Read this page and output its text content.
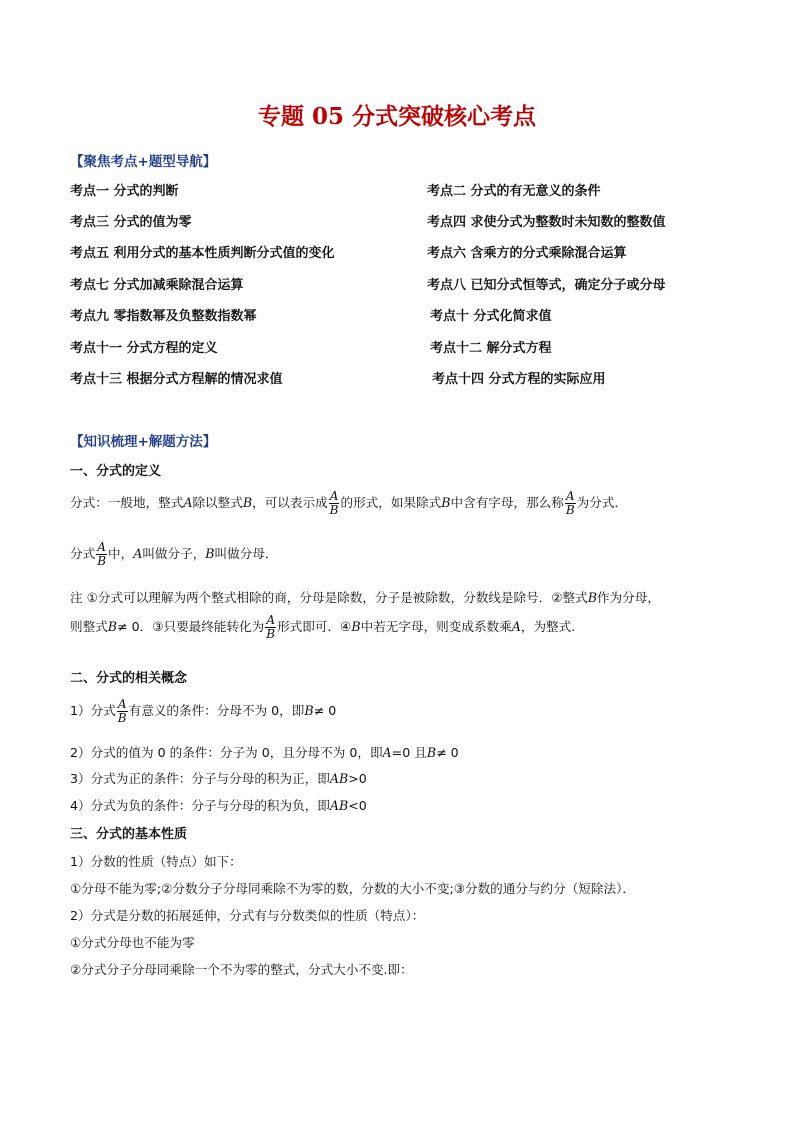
专题 05 分式突破核心考点
【聚焦考点+题型导航】
考点一 分式的判断	考点二 分式的有无意义的条件
考点三 分式的值为零	考点四 求使分式为整数时未知数的整数值
考点五 利用分式的基本性质判断分式值的变化	考点六 含乘方的分式乘除混合运算
考点七 分式加减乘除混合运算	考点八 已知分式恒等式，确定分子或分母
考点九 零指数幂及负整数指数幂	考点十 分式化简求值
考点十一 分式方程的定义	考点十二 解分式方程
考点十三 根据分式方程解的情况求值	考点十四 分式方程的实际应用
【知识梳理+解题方法】
一、分式的定义
分式：一般地，整式A除以整式B，可以表示成 $\frac{A}{B}$ 的形式，如果除式B中含有字母，那么称 $\frac{A}{B}$ 为分式．
分式 $\frac{A}{B}$ 中，A叫做分子，B叫做分母．
注 ①分式可以理解为两个整式相除的商，分母是除数，分子是被除数，分数线是除号．②整式B作为分母，
则整式B≠ 0．③只要最终能转化为 $\frac{A}{B}$ 形式即可．④B中若无字母，则变成系数乘A，为整式.
二、分式的相关概念
1）分式 $\frac{A}{B}$ 有意义的条件：分母不为 0，即B≠ 0
2）分式的值为 0 的条件：分子为 0，且分母不为 0，即A=0 且B≠ 0
3）分式为正的条件：分子与分母的积为正，即AB>0
4）分式为负的条件：分子与分母的积为负，即AB<0
三、分式的基本性质
1）分数的性质（特点）如下：
①分母不能为零;②分数分子分母同乘除不为零的数，分数的大小不变;③分数的通分与约分（短除法）．
2）分式是分数的拓展延伸，分式有与分数类似的性质（特点）：
①分式分母也不能为零
②分式分子分母同乘除一个不为零的整式，分式大小不变.即：
